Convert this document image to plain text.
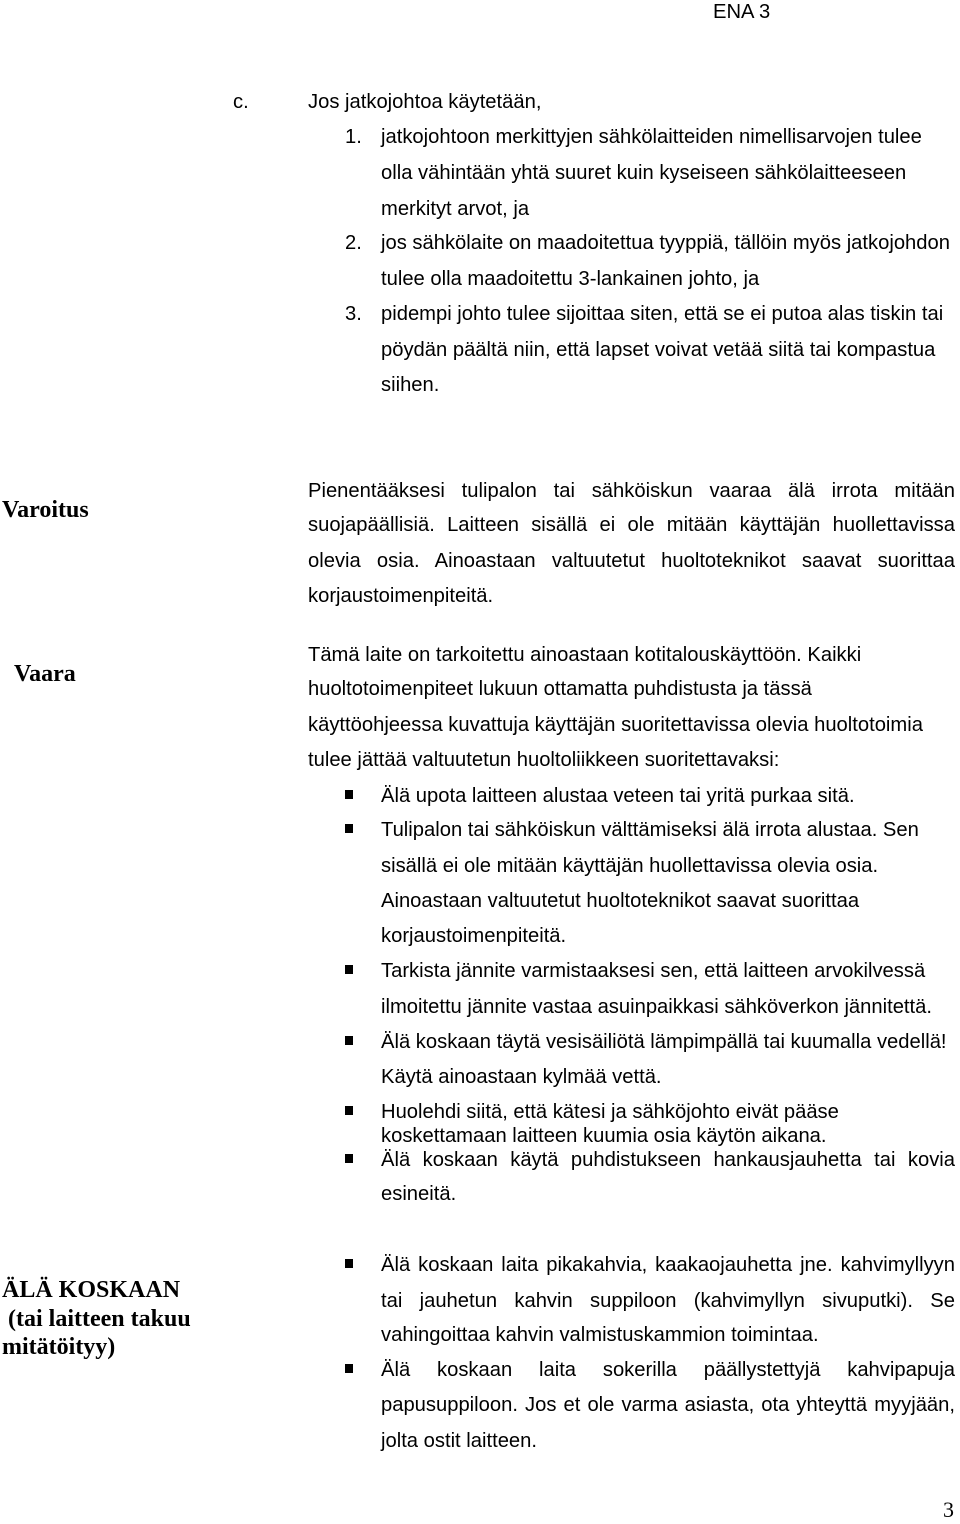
ENA 3
c.	Jos jatkojohtoa käytetään,
1. jatkojohtoon merkittyjen sähkölaitteiden nimellisarvojen tulee
olla vähintään yhtä suuret kuin kyseiseen sähkölaitteeseen
merkityt arvot, ja
2. jos sähkölaite on maadoitettua tyyppiä, tällöin myös jatkojohdon
tulee olla maadoitettu 3-lankainen johto, ja
3. pidempi johto tulee sijoittaa siten, että se ei putoa alas tiskin tai
pöydän päältä niin, että lapset voivat vetää siitä tai kompastua
siihen.
Varoitus
Pienentääksesi tulipalon tai sähköiskun vaaraa älä irrota mitään
suojapäällisiä. Laitteen sisällä ei ole mitään käyttäjän huollettavissa
olevia osia. Ainoastaan valtuutetut huoltoteknikot saavat suorittaa
korjaustoimenpiteitä.
Vaara
Tämä laite on tarkoitettu ainoastaan kotitalouskäyttöön. Kaikki
huoltotoimenpiteet lukuun ottamatta puhdistusta ja tässä
käyttöohjeessa kuvattuja käyttäjän suoritettavissa olevia huoltotoimia
tulee jättää valtuutetun huoltoliikkeen suoritettavaksi:
Älä upota laitteen alustaa veteen tai yritä purkaa sitä.
Tulipalon tai sähköiskun välttämiseksi älä irrota alustaa. Sen
sisällä ei ole mitään käyttäjän huollettavissa olevia osia.
Ainoastaan valtuutetut huoltoteknikot saavat suorittaa
korjaustoimenpiteitä.
Tarkista jännite varmistaaksesi sen, että laitteen arvokilvessä
ilmoitettu jännite vastaa asuinpaikkasi sähköverkon jännitettä.
Älä koskaan täytä vesisäiliötä lämpimpällä tai kuumalla vedellä!
Käytä ainoastaan kylmää vettä.
Huolehdi siitä, että kätesi ja sähköjohto eivät pääse
koskettamaan laitteen kuumia osia käytön aikana.
Älä koskaan käytä puhdistukseen hankausjauhetta tai kovia
esineitä.
ÄLÄ KOSKAAN
(tai laitteen takuu
mitätöityy)
Älä koskaan laita pikakahvia, kaakaojauhetta jne. kahvimyllyyn
tai jauhetun kahvin suppiloon (kahvimyllyn sivuputki). Se
vahingoittaa kahvin valmistuskammion toimintaa.
Älä koskaan laita sokerilla päällystettyjä kahvipapuja
papusuppiloon. Jos et ole varma asiasta, ota yhteyttä myyjään,
jolta ostit laitteen.
3
